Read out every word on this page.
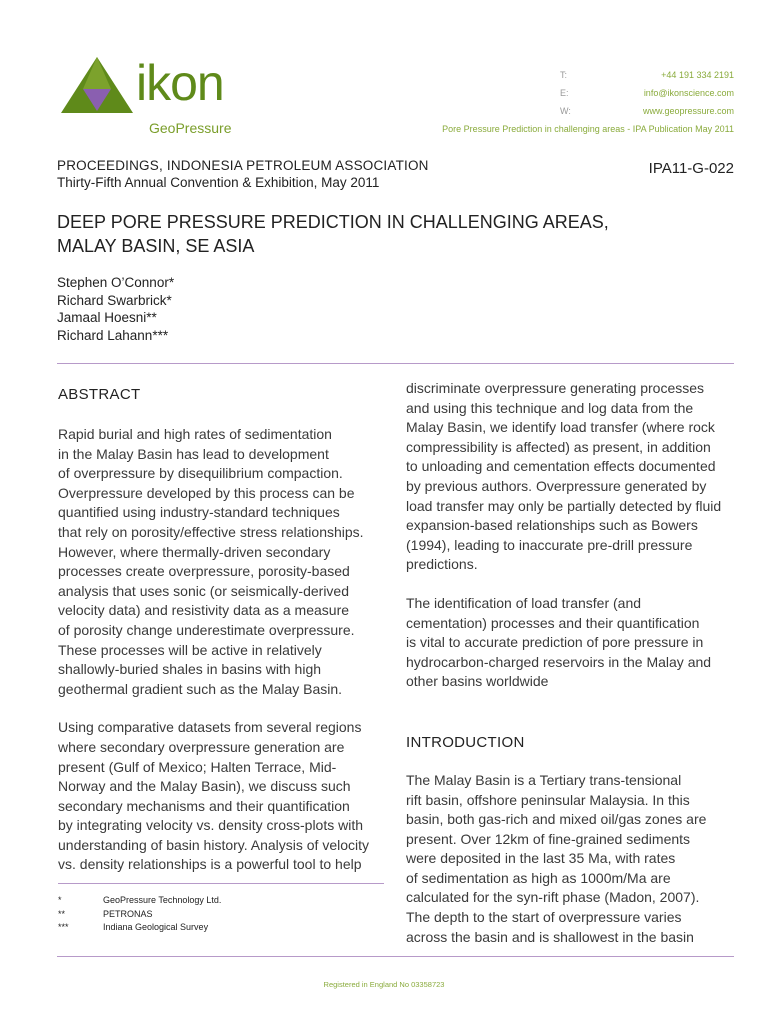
ikon
GeoPressure
T:	+44 191 334 2191
E:	info@ikonscience.com
W:	www.geopressure.com
Pore Pressure Prediction in challenging areas - IPA Publication May 2011
PROCEEDINGS, INDONESIA PETROLEUM ASSOCIATION
Thirty-Fifth Annual Convention & Exhibition, May 2011
IPA11-G-022
DEEP PORE PRESSURE PREDICTION IN CHALLENGING AREAS,
MALAY BASIN, SE ASIA
Stephen O’Connor*
Richard Swarbrick*
Jamaal Hoesni**
Richard Lahann***
ABSTRACT
Rapid burial and high rates of sedimentation
in the Malay Basin has lead to development
of overpressure by disequilibrium compaction.
Overpressure developed by this process can be
quantified using industry-standard techniques
that rely on porosity/effective stress relationships.
However, where thermally-driven secondary
processes create overpressure, porosity-based
analysis that uses sonic (or seismically-derived
velocity data) and resistivity data as a measure
of porosity change underestimate overpressure.
These processes will be active in relatively
shallowly-buried shales in basins with high
geothermal gradient such as the Malay Basin.
Using comparative datasets from several regions
where secondary overpressure generation are
present (Gulf of Mexico; Halten Terrace, Mid-
Norway and the Malay Basin), we discuss such
secondary mechanisms and their quantification
by integrating velocity vs. density cross-plots with
understanding of basin history. Analysis of velocity
vs. density relationships is a powerful tool to help
discriminate overpressure generating processes
and using this technique and log data from the
Malay Basin, we identify load transfer (where rock
compressibility is affected) as present, in addition
to unloading and cementation effects documented
by previous authors. Overpressure generated by
load transfer may only be partially detected by fluid
expansion-based relationships such as Bowers
(1994), leading to inaccurate pre-drill pressure
predictions.
The identification of load transfer (and
cementation) processes and their quantification
is vital to accurate prediction of pore pressure in
hydrocarbon-charged reservoirs in the Malay and
other basins worldwide
INTRODUCTION
The Malay Basin is a Tertiary trans-tensional
rift basin, offshore peninsular Malaysia. In this
basin, both gas-rich and mixed oil/gas zones are
present. Over 12km of fine-grained sediments
were deposited in the last 35 Ma, with rates
of sedimentation as high as 1000m/Ma are
calculated for the syn-rift phase (Madon, 2007).
The depth to the start of overpressure varies
across the basin and is shallowest in the basin
*	GeoPressure Technology Ltd.
**	PETRONAS
***	Indiana Geological Survey
Registered in England No 03358723
